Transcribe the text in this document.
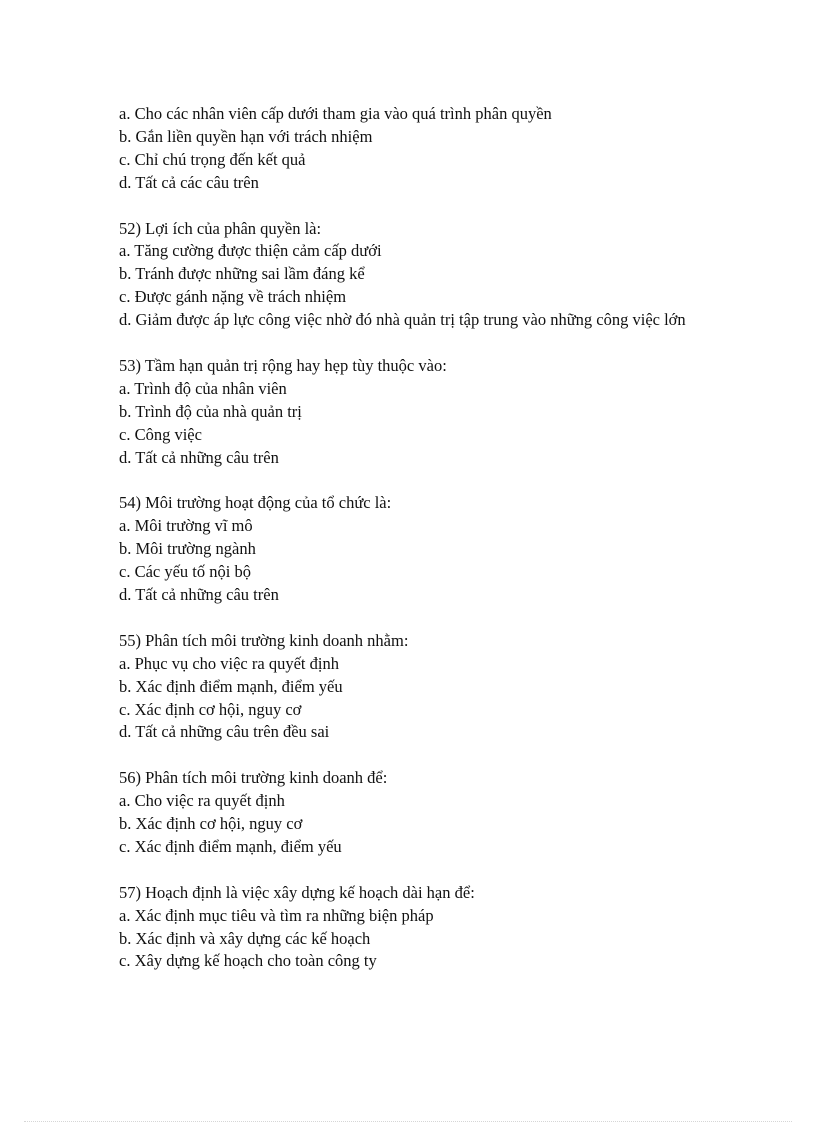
a. Cho các nhân viên cấp dưới tham gia vào quá trình phân quyền
b. Gắn liền quyền hạn với trách nhiệm
c. Chỉ chú trọng đến kết quả
d. Tất cả các câu trên
52) Lợi ích của phân quyền là:
a. Tăng cường được thiện cảm cấp dưới
b. Tránh được những sai lầm đáng kể
c. Được gánh nặng về trách nhiệm
d. Giảm được áp lực công việc nhờ đó nhà quản trị tập trung vào những công việc lớn
53) Tầm hạn quản trị rộng hay hẹp tùy thuộc vào:
a. Trình độ của nhân viên
b. Trình độ của nhà quản trị
c. Công việc
d. Tất cả những câu trên
54) Môi trường hoạt động của tổ chức là:
a. Môi trường vĩ mô
b. Môi trường ngành
c. Các yếu tố nội bộ
d. Tất cả những câu trên
55) Phân tích môi trường kinh doanh nhằm:
a. Phục vụ cho việc ra quyết định
b. Xác định điểm mạnh, điểm yếu
c. Xác định cơ hội, nguy cơ
d. Tất cả những câu trên đều sai
56) Phân tích môi trường kinh doanh để:
a. Cho việc ra quyết định
b. Xác định cơ hội, nguy cơ
c. Xác định điểm mạnh, điểm yếu
57) Hoạch định là việc xây dựng kế hoạch dài hạn để:
a. Xác định mục tiêu và tìm ra những biện pháp
b. Xác định và xây dựng các kế hoạch
c. Xây dựng kế hoạch cho toàn công ty
